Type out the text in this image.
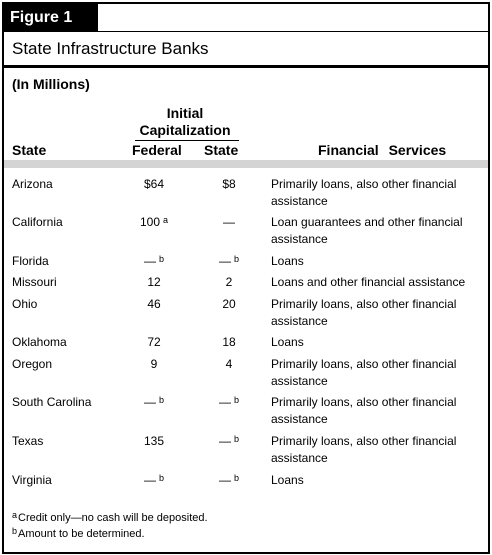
Figure 1
State Infrastructure Banks
(In Millions)
Initial Capitalization
State	Federal State	Financial Services
Arizona	$64	$8	Primarily loans, also other financial assistance
California	100 $^a$	—	Loan guarantees and other financial assistance
Florida	— $^b$	— $^b$	Loans
Missouri	12	2	Loans and other financial assistance
Ohio	46	20	Primarily loans, also other financial assistance
Oklahoma	72	18	Loans
Oregon	9	4	Primarily loans, also other financial assistance
South Carolina	— $^b$	— $^b$	Primarily loans, also other financial assistance
Texas	135	— $^b$	Primarily loans, also other financial assistance
Virginia	— $^b$	— $^b$	Loans
$^a$Credit only—no cash will be deposited.
$^b$Amount to be determined.
